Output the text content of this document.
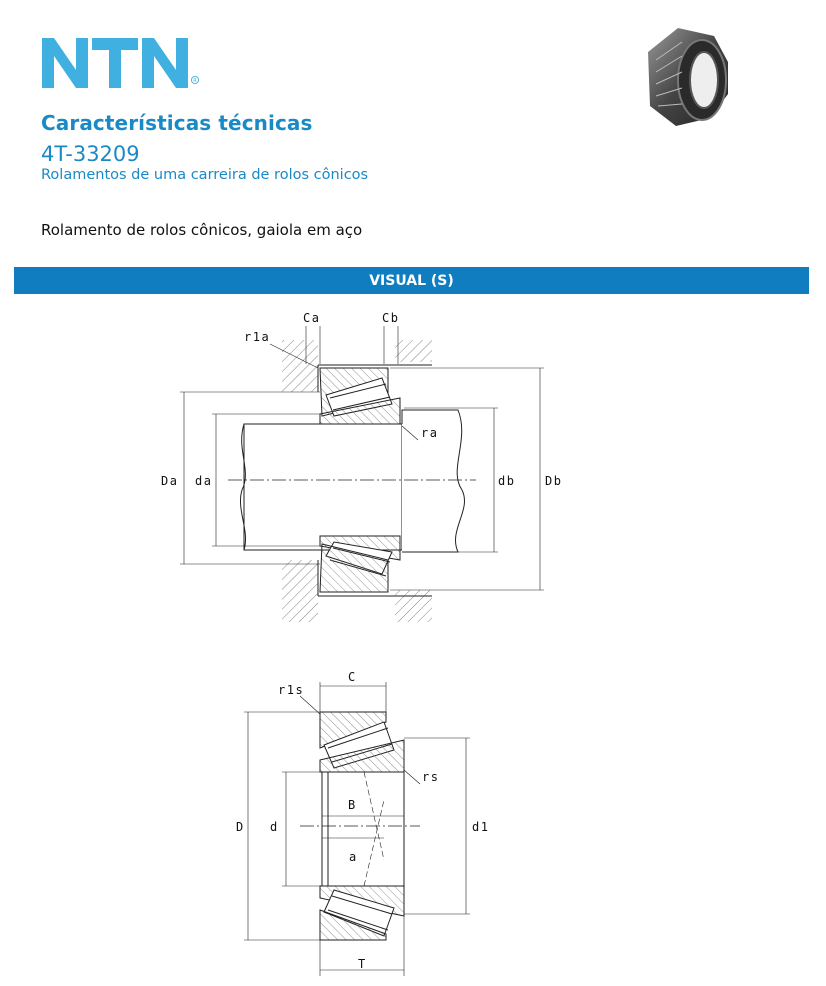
R
Características técnicas
4T-33209
Rolamentos de uma carreira de rolos cônicos
Rolamento de rolos cônicos, gaiola em aço
VISUAL (S)
r1a
Ca	Cb
ra
Da da	db Db
r1s
C
rs
D d
B
a
d1
T
